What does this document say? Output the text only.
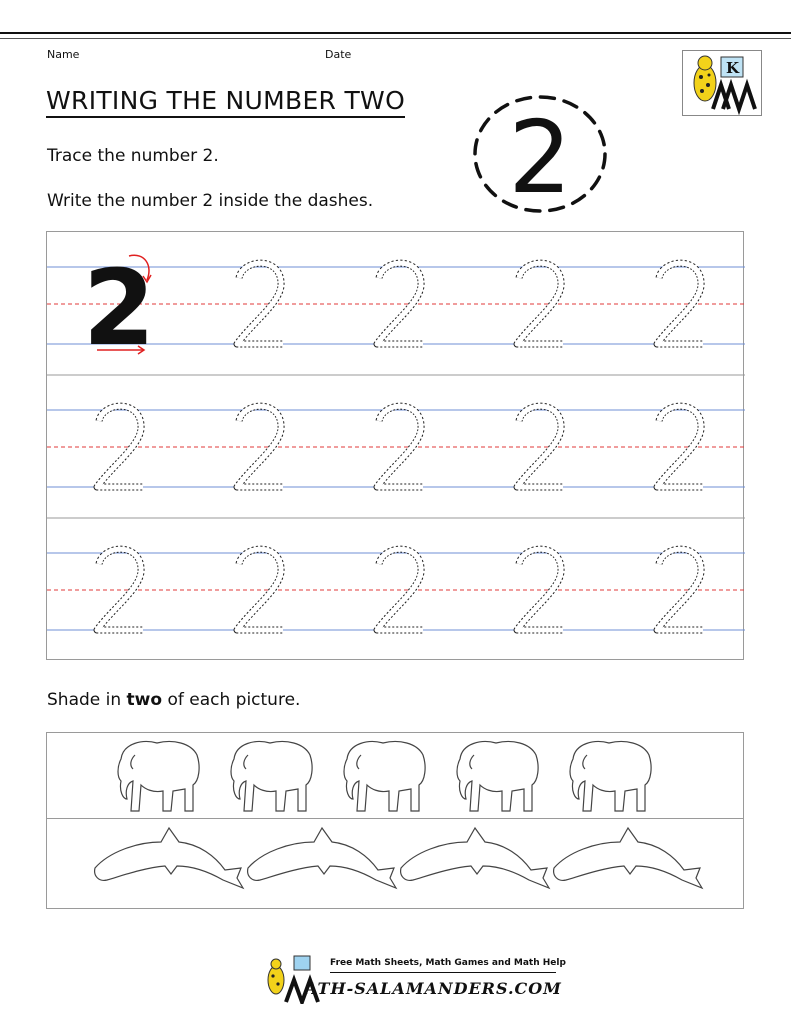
Name	Date
WRITING THE NUMBER TWO
Trace the number 2.
Write the number 2 inside the dashes.
K
2
2
Shade in two of each picture.
Free Math Sheets, Math Games and Math Help
ATH-SALAMANDERS.COM
